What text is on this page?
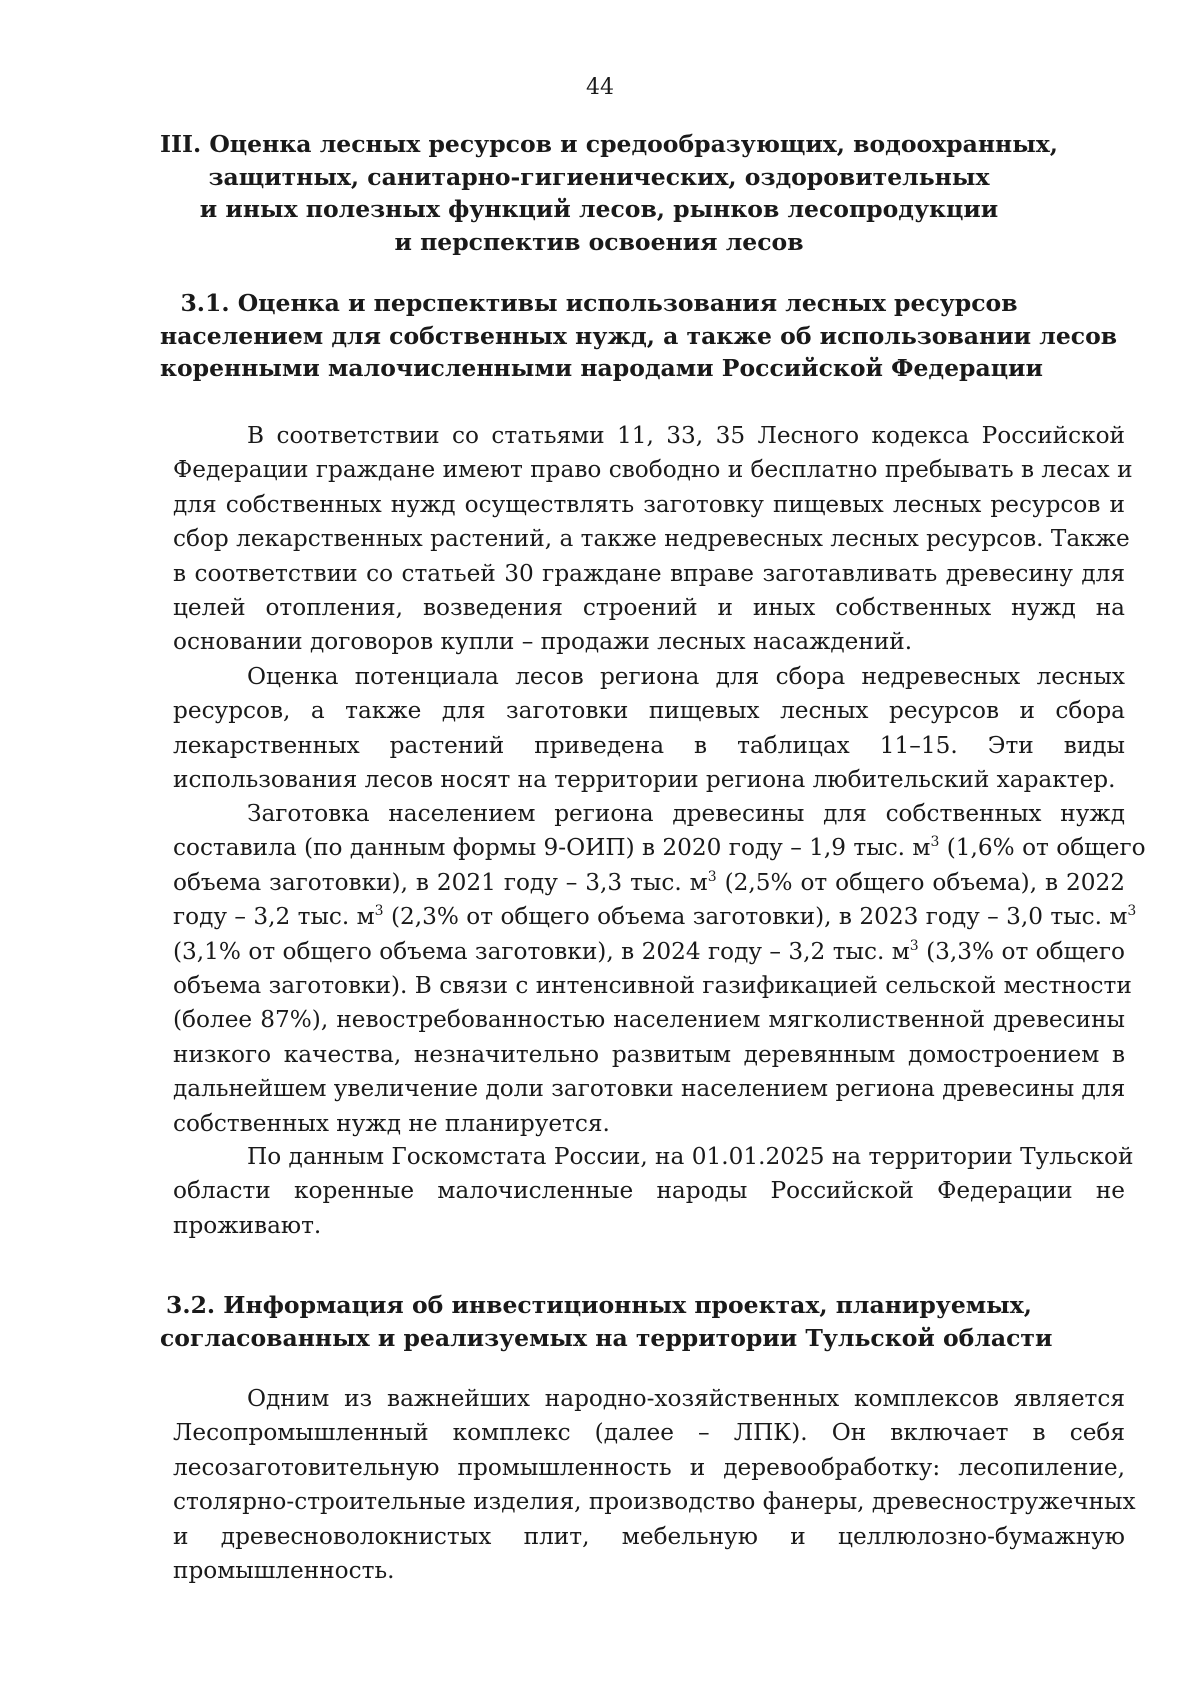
44
III. Оценка лесных ресурсов и средообразующих, водоохранных,
защитных, санитарно-гигиенических, оздоровительных
и иных полезных функций лесов, рынков лесопродукции
и перспектив освоения лесов
3.1. Оценка и перспективы использования лесных ресурсов
населением для собственных нужд, а также об использовании лесов
коренными малочисленными народами Российской Федерации
В соответствии со статьями 11, 33, 35 Лесного кодекса Российской
Федерации граждане имеют право свободно и бесплатно пребывать в лесах и
для собственных нужд осуществлять заготовку пищевых лесных ресурсов и
сбор лекарственных растений, а также недревесных лесных ресурсов. Также
в соответствии со статьей 30 граждане вправе заготавливать древесину для
целей отопления, возведения строений и иных собственных нужд на
основании договоров купли – продажи лесных насаждений.
Оценка потенциала лесов региона для сбора недревесных лесных
ресурсов, а также для заготовки пищевых лесных ресурсов и сбора
лекарственных растений приведена в таблицах 11–15. Эти виды
использования лесов носят на территории региона любительский характер.
Заготовка населением региона древесины для собственных нужд
составила (по данным формы 9-ОИП) в 2020 году – 1,9 тыс. $м^3$ (1,6% от общего
объема заготовки), в 2021 году – 3,3 тыс. $м^3$ (2,5% от общего объема), в 2022
году – 3,2 тыс. $м^3$ (2,3% от общего объема заготовки), в 2023 году – 3,0 тыс. $м^3$
(3,1% от общего объема заготовки), в 2024 году – 3,2 тыс. $м^3$ (3,3% от общего
объема заготовки). В связи с интенсивной газификацией сельской местности
(более 87%), невостребованностью населением мягколиственной древесины
низкого качества, незначительно развитым деревянным домостроением в
дальнейшем увеличение доли заготовки населением региона древесины для
собственных нужд не планируется.
По данным Госкомстата России, на 01.01.2025 на территории Тульской
области коренные малочисленные народы Российской Федерации не
проживают.
3.2. Информация об инвестиционных проектах, планируемых,
согласованных и реализуемых на территории Тульской области
Одним из важнейших народно-хозяйственных комплексов является
Лесопромышленный комплекс (далее – ЛПК). Он включает в себя
лесозаготовительную промышленность и деревообработку: лесопиление,
столярно-строительные изделия, производство фанеры, древесностружечных
и древесноволокнистых плит, мебельную и целлюлозно-бумажную
промышленность.
